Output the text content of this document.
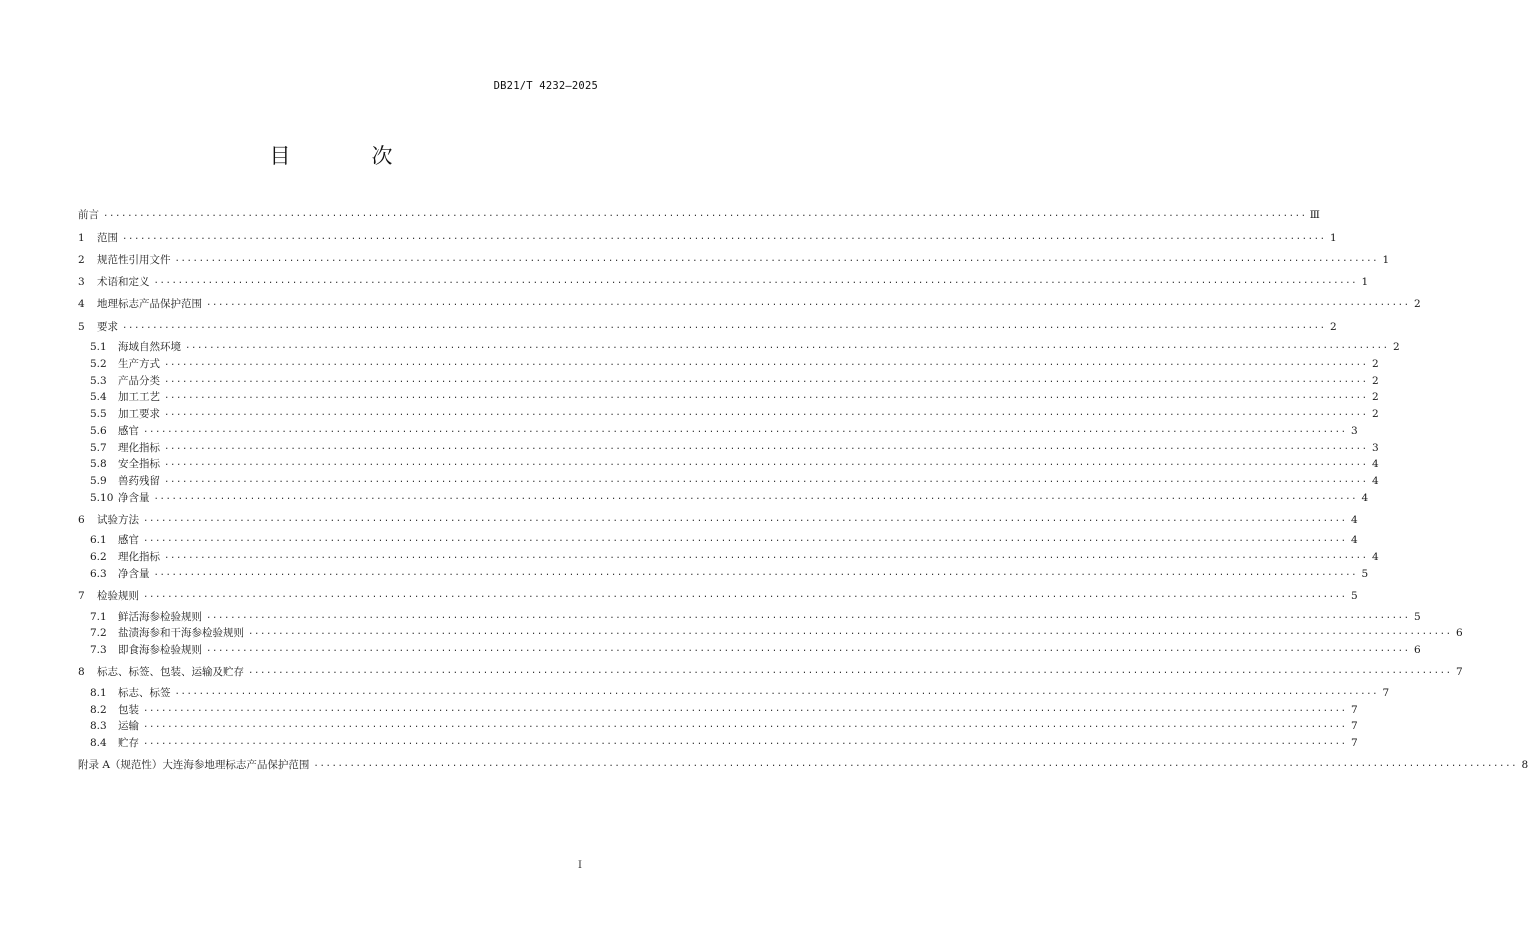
DB21/T 4232—2025
目　次
前言 ........................................................................................................................................................................................................ Ⅲ
1	范围 ........................................................................................................................................................................................................ 1
2	规范性引用文件 ........................................................................................................................................................................................................ 1
3	术语和定义 ........................................................................................................................................................................................................ 1
4	地理标志产品保护范围 ........................................................................................................................................................................................................ 2
5	要求 ........................................................................................................................................................................................................ 2
5.1	海域自然环境 ........................................................................................................................................................................................................ 2
5.2	生产方式 ........................................................................................................................................................................................................ 2
5.3	产品分类 ........................................................................................................................................................................................................ 2
5.4	加工工艺 ........................................................................................................................................................................................................ 2
5.5	加工要求 ........................................................................................................................................................................................................ 2
5.6	感官 ........................................................................................................................................................................................................ 3
5.7	理化指标 ........................................................................................................................................................................................................ 3
5.8	安全指标 ........................................................................................................................................................................................................ 4
5.9	兽药残留 ........................................................................................................................................................................................................ 4
5.10 净含量 ........................................................................................................................................................................................................ 4
6	试验方法 ........................................................................................................................................................................................................ 4
6.1	感官 ........................................................................................................................................................................................................ 4
6.2	理化指标 ........................................................................................................................................................................................................ 4
6.3	净含量 ........................................................................................................................................................................................................ 5
7	检验规则 ........................................................................................................................................................................................................ 5
7.1	鲜活海参检验规则 ........................................................................................................................................................................................................ 5
7.2	盐渍海参和干海参检验规则 ........................................................................................................................................................................................................ 6
7.3	即食海参检验规则 ........................................................................................................................................................................................................ 6
8	标志、标签、包装、运输及贮存 ........................................................................................................................................................................................................ 7
8.1	标志、标签 ........................................................................................................................................................................................................ 7
8.2	包装 ........................................................................................................................................................................................................ 7
8.3	运输 ........................................................................................................................................................................................................ 7
8.4	贮存 ........................................................................................................................................................................................................ 7
附录 A（规范性）大连海参地理标志产品保护范围 ........................................................................................................................................................................................................ 8
I
